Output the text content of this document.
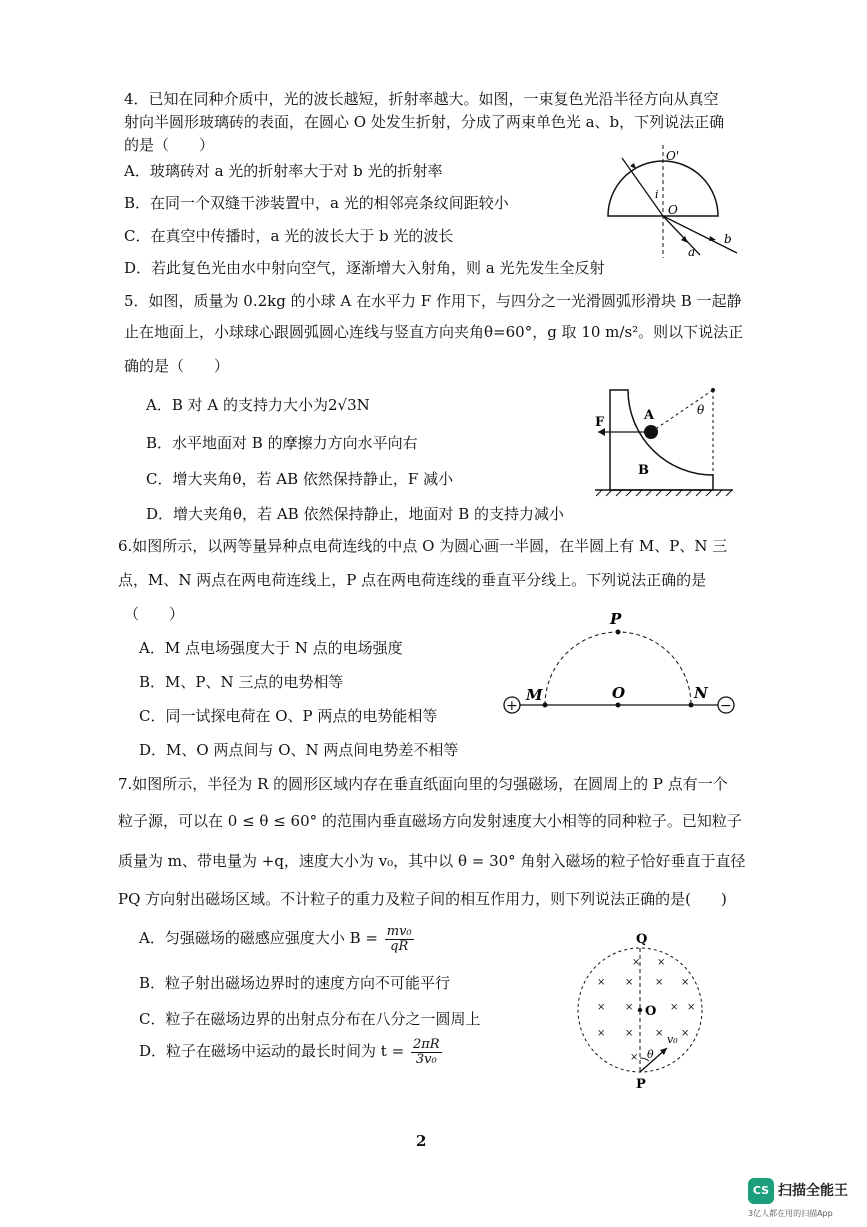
4．已知在同种介质中，光的波长越短，折射率越大。如图，一束复色光沿半径方向从真空
射向半圆形玻璃砖的表面，在圆心 O 处发生折射，分成了两束单色光 a、b，下列说法正确
的是（　　）
A．玻璃砖对 a 光的折射率大于对 b 光的折射率
B．在同一个双缝干涉装置中，a 光的相邻亮条纹间距较小
C．在真空中传播时，a 光的波长大于 b 光的波长
D．若此复色光由水中射向空气，逐渐增大入射角，则 a 光先发生全反射
O'
O
i
a
b
5．如图，质量为 0.2kg 的小球 A 在水平力 F 作用下，与四分之一光滑圆弧形滑块 B 一起静
止在地面上，小球球心跟圆弧圆心连线与竖直方向夹角θ=60°，g 取 10 m/s²。则以下说法正
确的是（　　）
A．B 对 A 的支持力大小为2√3N
B．水平地面对 B 的摩擦力方向水平向右
C．增大夹角θ，若 AB 依然保持静止，F 减小
D．增大夹角θ，若 AB 依然保持静止，地面对 B 的支持力减小
F	A
B
θ
6.如图所示，以两等量异种点电荷连线的中点 O 为圆心画一半圆，在半圆上有 M、P、N 三
点，M、N 两点在两电荷连线上，P 点在两电荷连线的垂直平分线上。下列说法正确的是
（　　）
A．M 点电场强度大于 N 点的电场强度
B．M、P、N 三点的电势相等
C．同一试探电荷在 O、P 两点的电势能相等
D．M、O 两点间与 O、N 两点间电势差不相等
+	−
P
M	O	N
7.如图所示，半径为 R 的圆形区域内存在垂直纸面向里的匀强磁场，在圆周上的 P 点有一个
粒子源，可以在 0 ≤ θ ≤ 60° 的范围内垂直磁场方向发射速度大小相等的同种粒子。已知粒子
质量为 m、带电量为 +q，速度大小为 v₀，其中以 θ = 30° 角射入磁场的粒子恰好垂直于直径
PQ 方向射出磁场区域。不计粒子的重力及粒子间的相互作用力，则下列说法正确的是(　　)
A．匀强磁场的磁感应强度大小 $B = \frac{\text{mv₀}}{qR}$
B．粒子射出磁场边界时的速度方向不可能平行
C．粒子在磁场边界的出射点分布在八分之一圆周上
D．粒子在磁场中运动的最长时间为 $t = \frac{2\pi R}{\text{3v₀}}$
× ×
× × × ×
× ×	× ×
× × × ×
×
Q
O
P
θ
v₀
2
CS 扫描全能王
3亿人都在用的扫描App
